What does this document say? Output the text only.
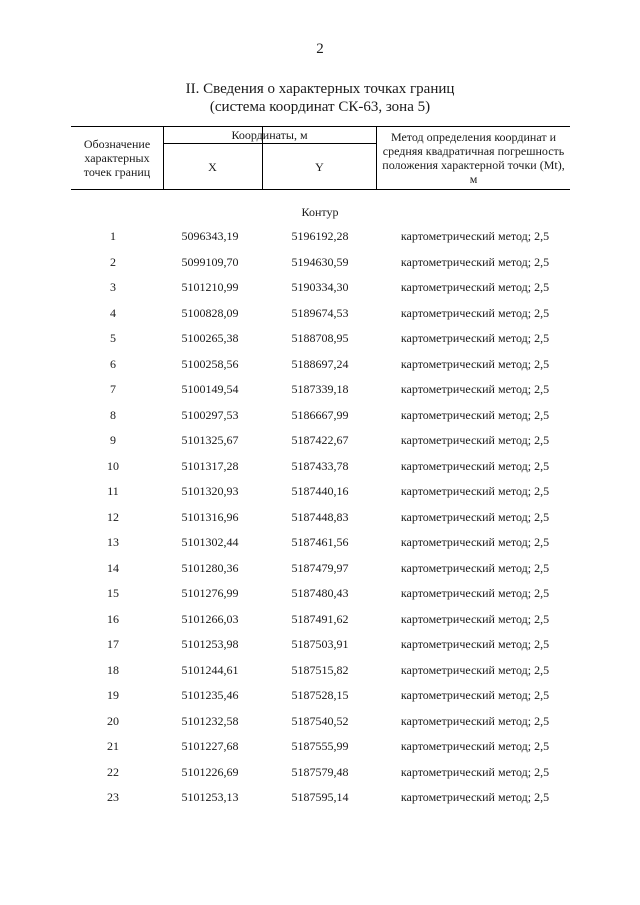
2
II. Сведения о характерных точках границ
(система координат СК-63, зона 5)
Обозначение характерных точек границ
Координаты, м
X	Y
Метод определения координат и средняя квадратичная погрешность положения характерной точки (Mt), м
Контур
1	5096343,19	5196192,28	картометрический метод; 2,5
2	5099109,70	5194630,59	картометрический метод; 2,5
3	5101210,99	5190334,30	картометрический метод; 2,5
4	5100828,09	5189674,53	картометрический метод; 2,5
5	5100265,38	5188708,95	картометрический метод; 2,5
6	5100258,56	5188697,24	картометрический метод; 2,5
7	5100149,54	5187339,18	картометрический метод; 2,5
8	5100297,53	5186667,99	картометрический метод; 2,5
9	5101325,67	5187422,67	картометрический метод; 2,5
10	5101317,28	5187433,78	картометрический метод; 2,5
11	5101320,93	5187440,16	картометрический метод; 2,5
12	5101316,96	5187448,83	картометрический метод; 2,5
13	5101302,44	5187461,56	картометрический метод; 2,5
14	5101280,36	5187479,97	картометрический метод; 2,5
15	5101276,99	5187480,43	картометрический метод; 2,5
16	5101266,03	5187491,62	картометрический метод; 2,5
17	5101253,98	5187503,91	картометрический метод; 2,5
18	5101244,61	5187515,82	картометрический метод; 2,5
19	5101235,46	5187528,15	картометрический метод; 2,5
20	5101232,58	5187540,52	картометрический метод; 2,5
21	5101227,68	5187555,99	картометрический метод; 2,5
22	5101226,69	5187579,48	картометрический метод; 2,5
23	5101253,13	5187595,14	картометрический метод; 2,5
